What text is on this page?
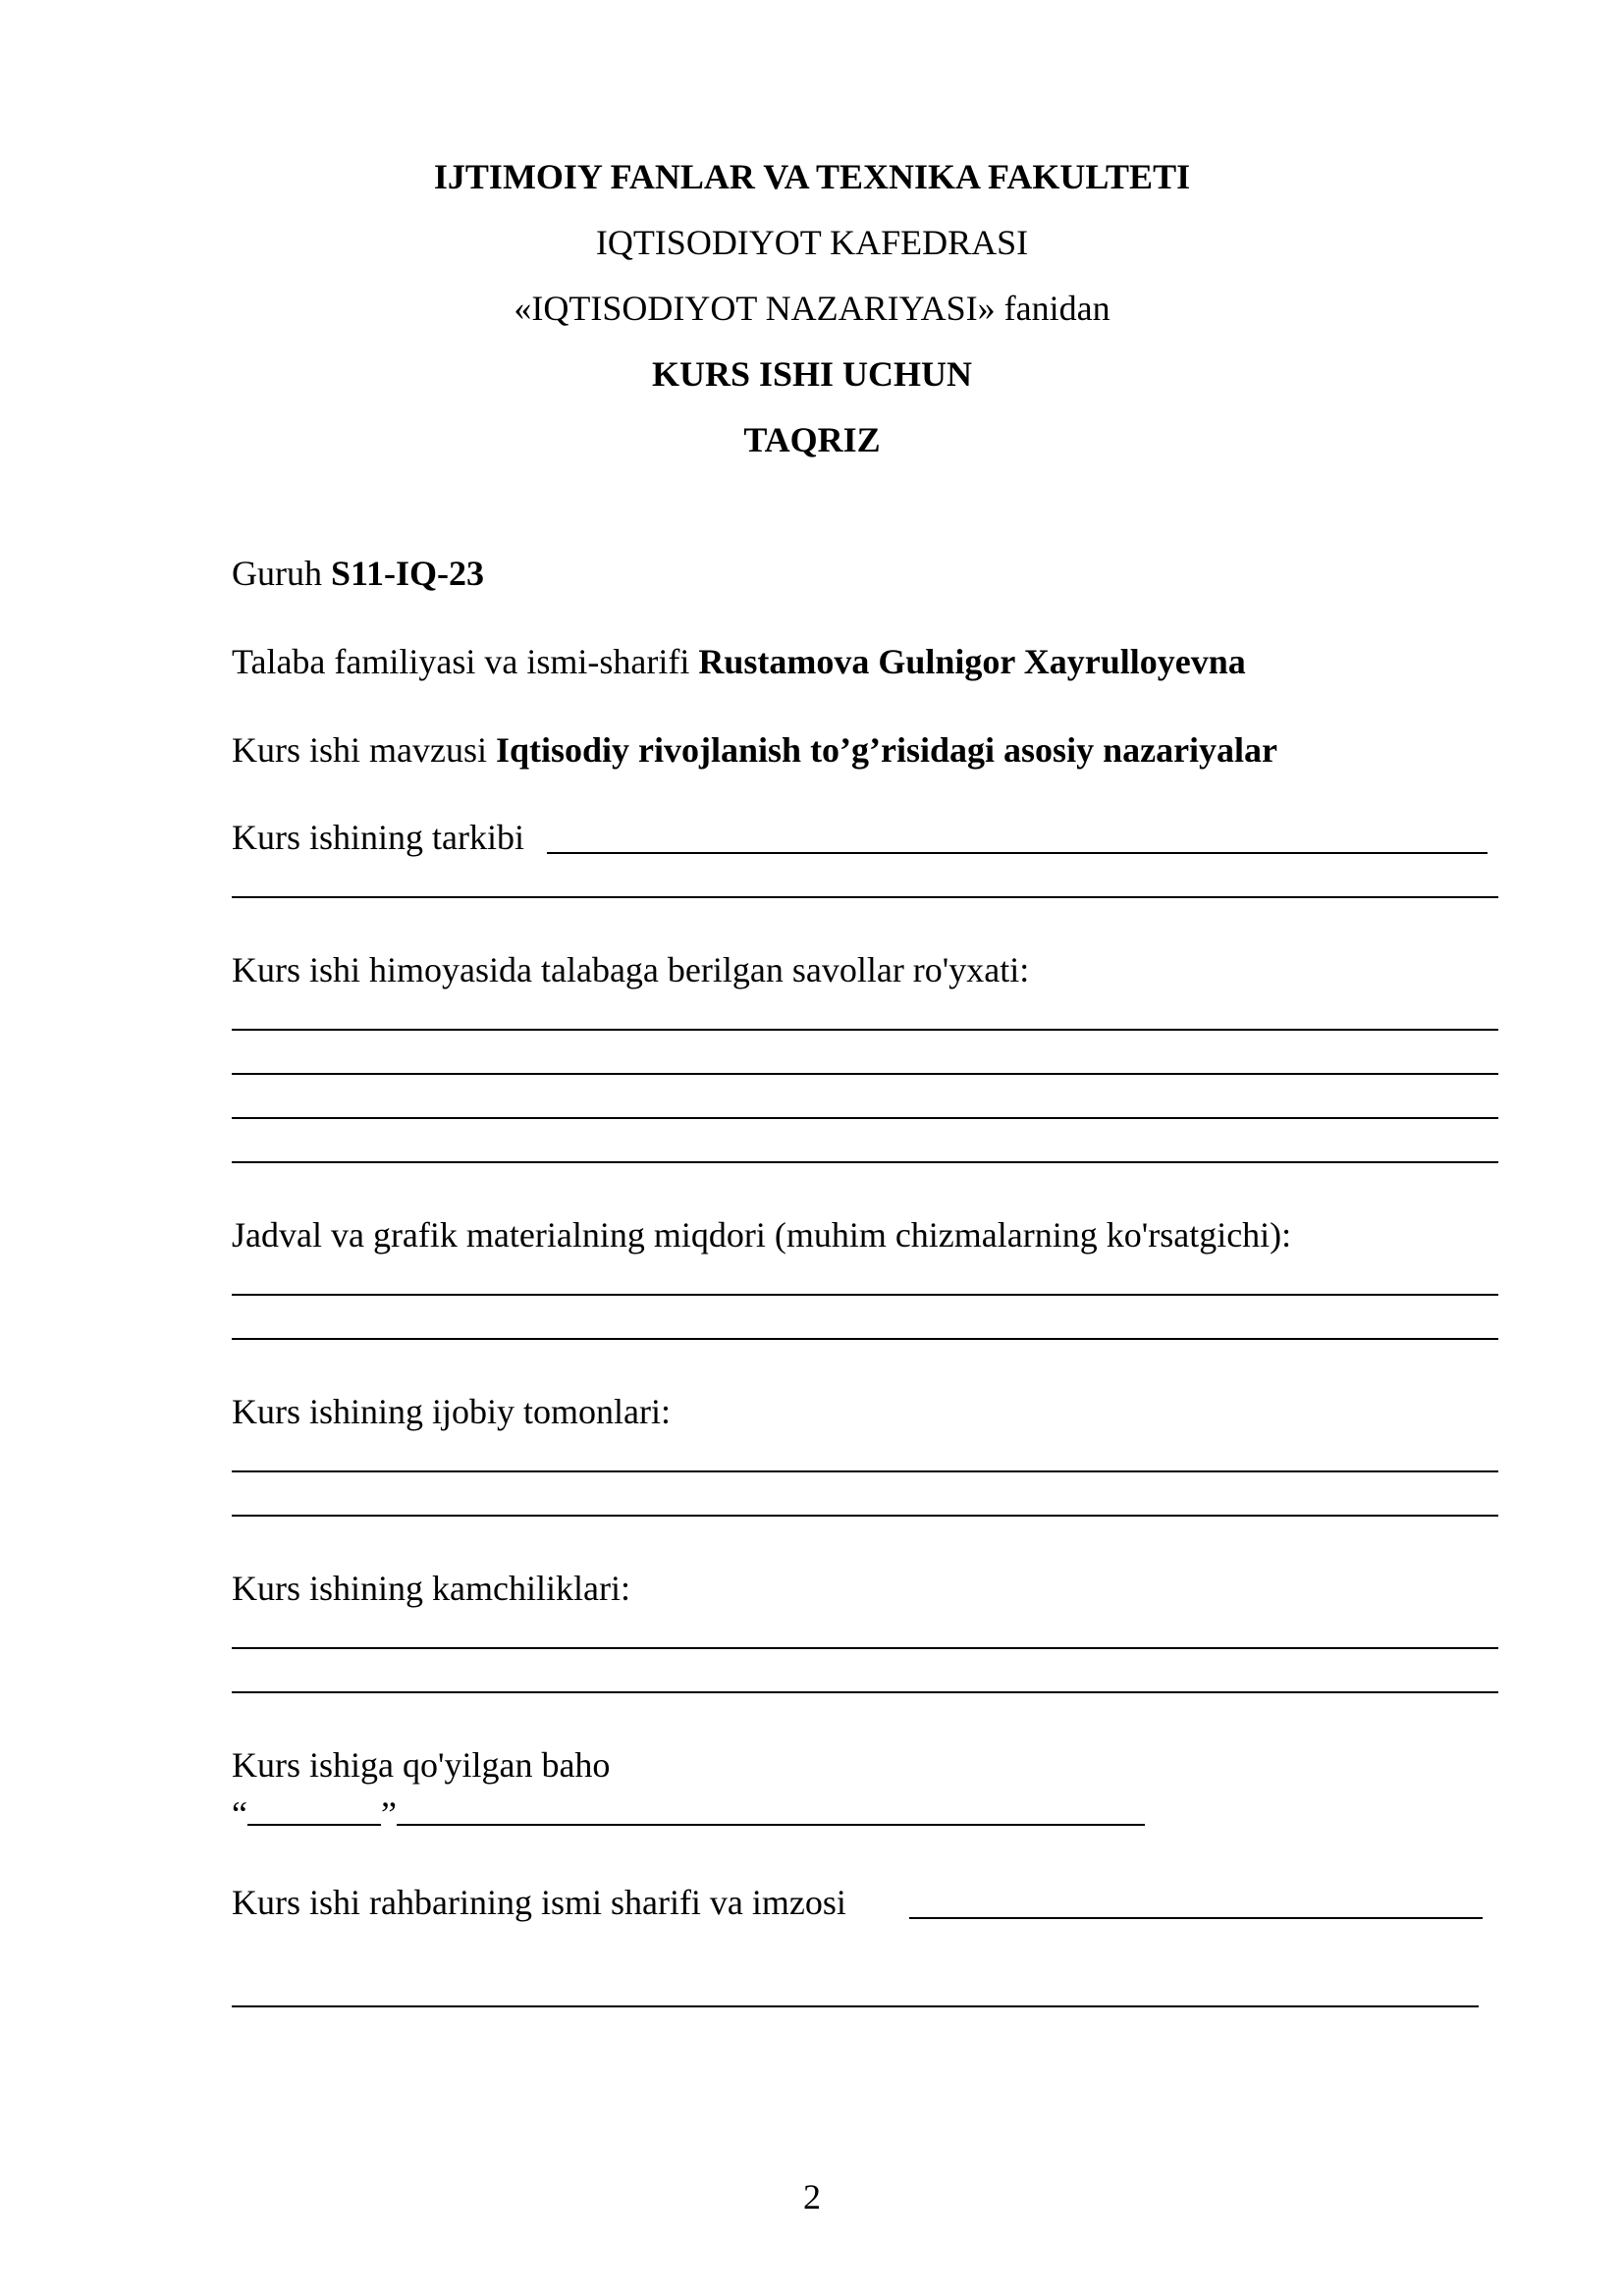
IJTIMOIY FANLAR VA TEXNIKA FAKULTETI
IQTISODIYOT KAFEDRASI
«IQTISODIYOT NAZARIYASI» fanidan
KURS ISHI UCHUN
TAQRIZ
Guruh S11-IQ-23
Talaba familiyasi va ismi-sharifi Rustamova Gulnigor Xayrulloyevna
Kurs ishi mavzusi Iqtisodiy rivojlanish to’g’risidagi asosiy nazariyalar
Kurs ishining tarkibi
Kurs ishi himoyasida talabaga berilgan savollar ro'yxati:
Jadval va grafik materialning miqdori (muhim chizmalarning ko'rsatgichi):
Kurs ishining ijobiy tomonlari:
Kurs ishining kamchiliklari:
Kurs ishiga qo'yilgan baho
“	”
Kurs ishi rahbarining ismi sharifi va imzosi
2
